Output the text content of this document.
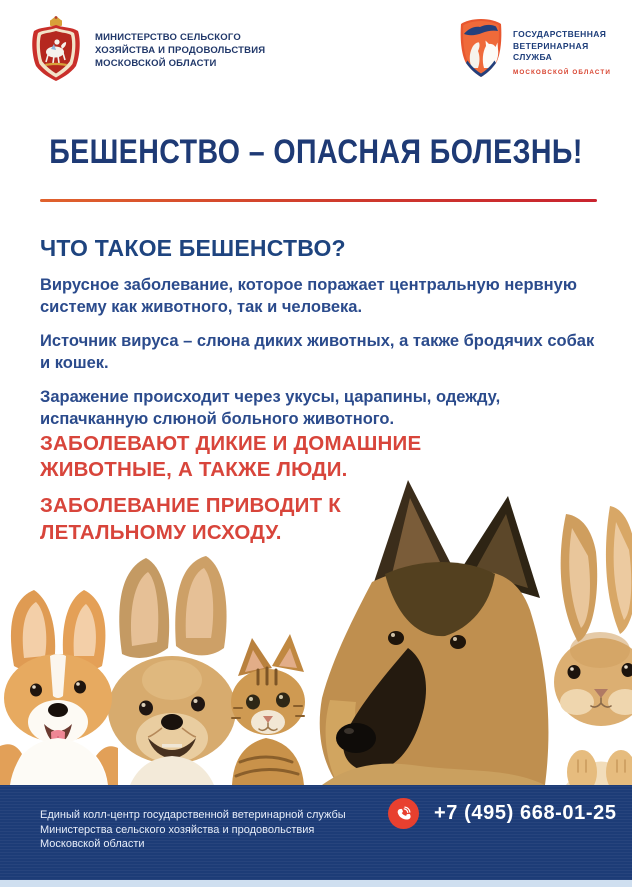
МИНИСТЕРСТВО СЕЛЬСКОГО
ХОЗЯЙСТВА И ПРОДОВОЛЬСТВИЯ
МОСКОВСКОЙ ОБЛАСТИ
ГОСУДАРСТВЕННАЯ
ВЕТЕРИНАРНАЯ
СЛУЖБА
МОСКОВСКОЙ ОБЛАСТИ
БЕШЕНСТВО – ОПАСНАЯ БОЛЕЗНЬ!
ЧТО ТАКОЕ БЕШЕНСТВО?

Вирусное заболевание, которое поражает центральную нервную систему как животного, так и человека.

Источник вируса – слюна диких животных, а также бродячих собак и кошек.

Заражение происходит через укусы, царапины, одежду, испачканную слюной больного животного.

ЗАБОЛЕВАЮТ ДИКИЕ И ДОМАШНИЕ ЖИВОТНЫЕ, А ТАКЖЕ ЛЮДИ.

ЗАБОЛЕВАНИЕ ПРИВОДИТ К ЛЕТАЛЬНОМУ ИСХОДУ.

Единый колл-центр государственной ветеринарной службы
Министерства сельского хозяйства и продовольствия
Московской области
+7 (495) 668-01-25
